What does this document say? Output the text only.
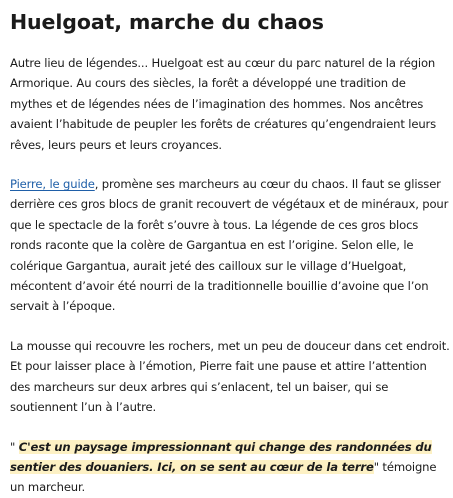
Huelgoat, marche du chaos

Autre lieu de légendes... Huelgoat est au cœur du parc naturel de la région Armorique. Au cours des siècles, la forêt a développé une tradition de mythes et de légendes nées de l’imagination des hommes. Nos ancêtres avaient l’habitude de peupler les forêts de créatures qu’engendraient leurs rêves, leurs peurs et leurs croyances.

Pierre, le guide, promène ses marcheurs au cœur du chaos. Il faut se glisser derrière ces gros blocs de granit recouvert de végétaux et de minéraux, pour que le spectacle de la forêt s’ouvre à tous. La légende de ces gros blocs ronds raconte que la colère de Gargantua en est l’origine. Selon elle, le colérique Gargantua, aurait jeté des cailloux sur le village d’Huelgoat, mécontent d’avoir été nourri de la traditionnelle bouillie d’avoine que l’on servait à l’époque.

La mousse qui recouvre les rochers, met un peu de douceur dans cet endroit. Et pour laisser place à l’émotion, Pierre fait une pause et attire l’attention des marcheurs sur deux arbres qui s’enlacent, tel un baiser, qui se soutiennent l’un à l’autre.

" C'est un paysage impressionnant qui change des randonnées du sentier des douaniers. Ici, on se sent au cœur de la terre" témoigne un marcheur.
